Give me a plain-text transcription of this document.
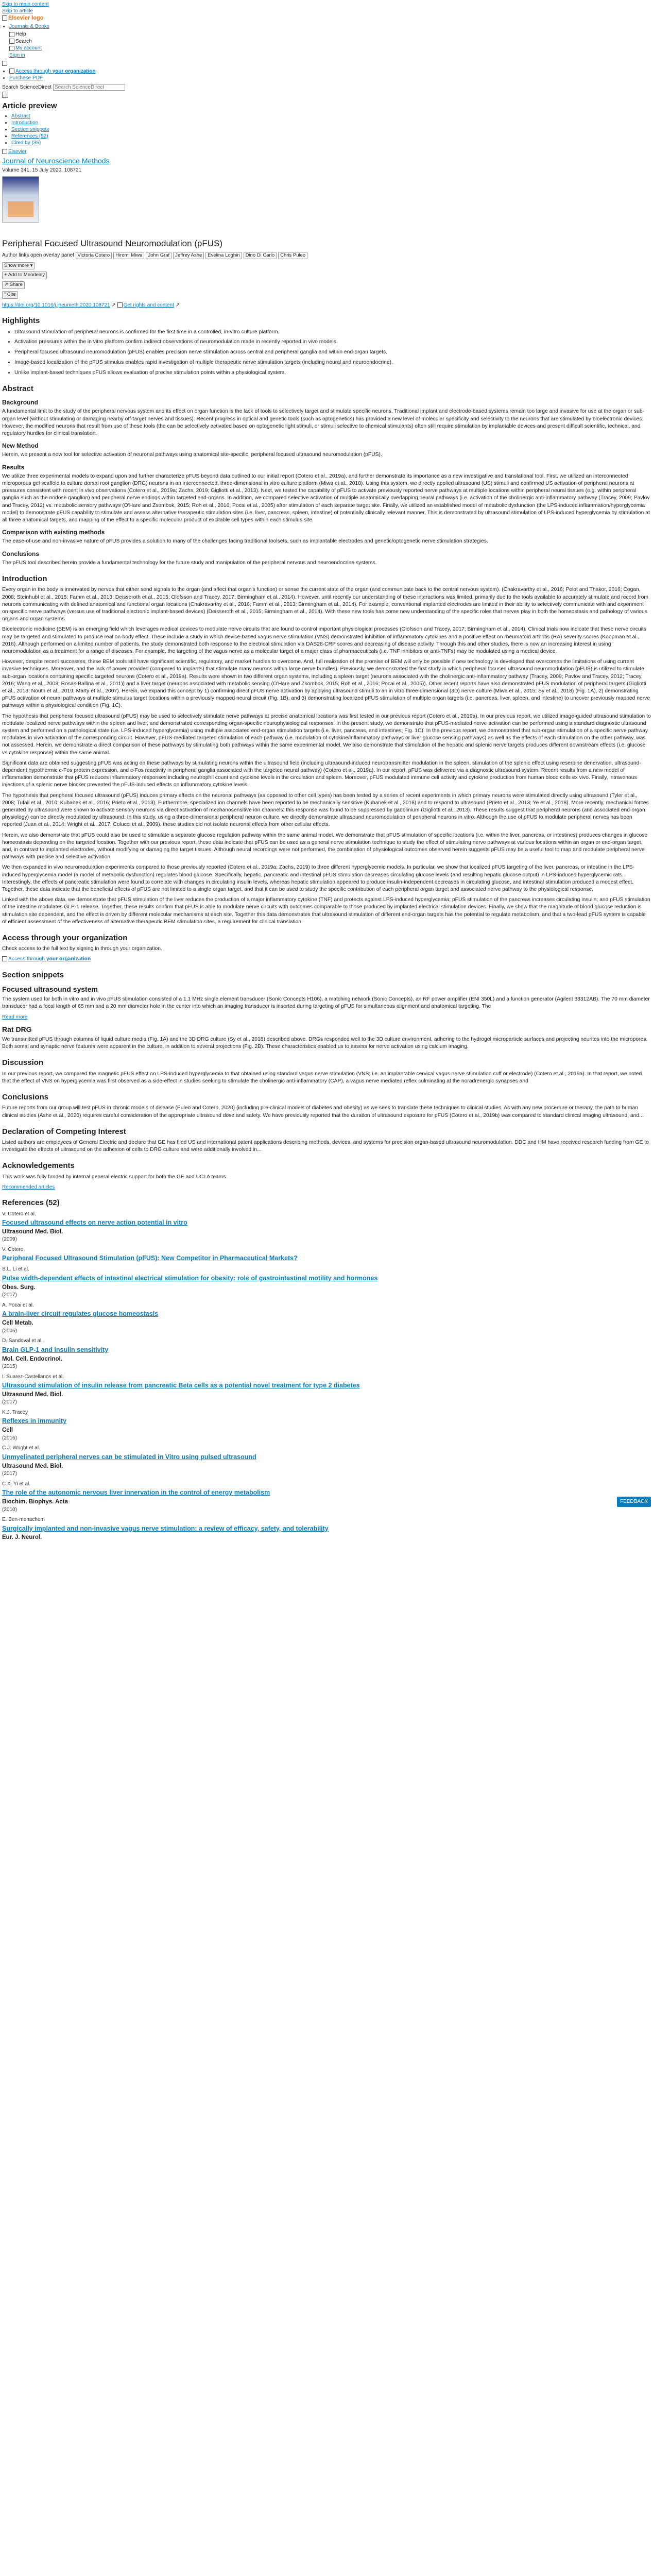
Skip to main content
Skip to article
Elsevier logo
• Journals & Books
Help
Search
My account
Sign in
• Access through your organization
• Purchase PDF
Search ScienceDirect Search ScienceDirect
Article preview
• Abstract
• Introduction
• Section snippets
• References (52)
• Cited by (35)
Elsevier
Journal of Neuroscience Methods
Volume 341, 15 July 2020, 108721
Peripheral Focused Ultrasound Neuromodulation (pFUS)
Author links open overlay panel Victoria Cotero	Hiromi Miwa	John Graf	Jeffrey Ashe	Evelina Loghin	Dino Di Carlo	Chris Puleo
Show more ▾
+ Add to Mendeley
↗ Share
“ Cite
https://doi.org/10.1016/j.jneumeth.2020.108721 ↗ Get rights and content ↗
Highlights
• Ultrasound stimulation of peripheral neurons is confirmed for the first time in a controlled, in-vitro culture platform.
• Activation pressures within the in vitro platform confirm indirect observations of neuromodulation made in recently reported in vivo models.
• Peripheral focused ultrasound neuromodulation (pFUS) enables precision nerve stimulation across central and peripheral ganglia and within end-organ targets.
• Image-based localization of the pFUS stimulus enables rapid investigation of multiple therapeutic nerve stimulation targets (including neural and neuroendocrine).
• Unlike implant-based techniques pFUS allows evaluation of precise stimulation points within a physiological system.
Abstract
Background

A fundamental limit to the study of the peripheral nervous system and its effect on organ function is the lack of tools to selectively target and stimulate specific neurons. Traditional implant and electrode-based systems remain too large and invasive for use at the organ or sub-organ level (without stimulating or damaging nearby off-target nerves and tissues). Recent progress in optical and genetic tools (such as optogenetics) has provided a new level of molecular specificity and selectivity to the neurons that are stimulated by bioelectronic devices. However, the modified neurons that result from use of these tools (the can be selectively activated based on optogenetic light stimuli, or stimuli selective to chemical stimulants) often still require stimulation by implantable devices and present difficult scientific, technical, and regulatory hurdles for clinical translation.

New Method

Herein, we present a new tool for selective activation of neuronal pathways using anatomical site-specific, peripheral focused ultrasound neuromodulation (pFUS).

Results

We utilize three experimental models to expand upon and further characterize pFUS beyond data outlined to our initial report (Cotero et al., 2019a), and further demonstrate its importance as a new investigative and translational tool. First, we utilized an interconnected microporous gel scaffold to culture dorsal root ganglion (DRG) neurons in an interconnected, three-dimensional in vitro culture platform (Miwa et al., 2018). Using this system, we directly applied ultrasound (US) stimuli and confirmed US activation of peripheral neurons at pressures consistent with recent in vivo observations (Cotero et al., 2019a; Zachs, 2019; Gigliotti et al., 2013). Next, we tested the capability of pFUS to activate previously reported nerve pathways at multiple locations within peripheral neural tissues (e.g. within peripheral ganglia such as the nodose ganglion) and peripheral nerve endings within targeted end-organs. In addition, we compared selective activation of multiple anatomically overlapping neural pathways (i.e. activation of the cholinergic anti-inflammatory pathway (Tracey, 2009; Pavlov and Tracey, 2012) vs. metabolic sensory pathways (O'Hare and Zsombok, 2015; Roh et al., 2016; Pocai et al., 2005) after stimulation of each separate target site. Finally, we utilized an established model of metabolic dysfunction (the LPS-induced inflammation/hyperglycemia model) to demonstrate pFUS capability to stimulate and assess alternative therapeutic stimulation sites (i.e. liver, pancreas, spleen, intestine) of potentially clinically relevant manner. This is demonstrated by ultrasound stimulation of LPS-induced hyperglycemia by stimulation at all three anatomical targets, and mapping of the effect to a specific molecular product of excitable cell types within each stimulus site.

Comparison with existing methods

The ease-of-use and non-invasive nature of pFUS provides a solution to many of the challenges facing traditional toolsets, such as implantable electrodes and genetic/optogenetic nerve stimulation strategies.

Conclusions

The pFUS tool described herein provide a fundamental technology for the future study and manipulation of the peripheral nervous and neuroendocrine systems.

Introduction

Every organ in the body is innervated by nerves that either send signals to the organ (and affect that organ's function) or sense the current state of the organ (and communicate back to the central nervous system). (Chakravarthy et al., 2016; Pelot and Thakor, 2016; Cogan, 2008; Steinhubl et al., 2015; Famm et al., 2013; Deisseroth et al., 2015; Olofsson and Tracey, 2017; Birmingham et al., 2014). However, until recently our understanding of these interactions was limited, primarily due to the tools available to accurately stimulate and record from neurons communicating with defined anatomical and functional organ locations (Chakravarthy et al., 2016; Famm et al., 2013; Birmingham et al., 2014). For example, conventional implanted electrodes are limited in their ability to selectively communicate with and experiment on specific nerve pathways (versus use of traditional electronic implant-based devices) (Deisseroth et al., 2015; Birmingham et al., 2014). With these new tools has come new understanding of the specific roles that nerves play in both the homeostasis and pathology of various organs and organ systems.

Bioelectronic medicine (BEM) is an emerging field which leverages medical devices to modulate nerve circuits that are found to control important physiological processes (Olofsson and Tracey, 2017; Birmingham et al., 2014). Clinical trials now indicate that these nerve circuits may be targeted and stimulated to produce real on-body effect. These include a study in which device-based vagus nerve stimulation (VNS) demonstrated inhibition of inflammatory cytokines and a positive effect on rheumatoid arthritis (RA) severity scores (Koopman et al., 2016). Although performed on a limited number of patients, the study demonstrated both response to the electrical stimulation via DAS28-CRP scores and decreasing of disease activity. Through this and other studies, there is now an increasing interest in using neuromodulation as a treatment for a range of diseases. For example, the targeting of the vagus nerve as a molecular target of a major class of pharmaceuticals (i.e. TNF inhibitors or anti-TNFs) may be modulated using a medical device.

However, despite recent successes, these BEM tools still have significant scientific, regulatory, and market hurdles to overcome. And, full realization of the promise of BEM will only be possible if new technology is developed that overcomes the limitations of using current invasive techniques. Moreover, and the lack of power provided (compared to implants) that stimulate many neurons within large nerve bundles). Previously, we demonstrated the first study in which peripheral focused ultrasound neuromodulation (pFUS) is utilized to stimulate sub-organ locations containing specific targeted neurons (Cotero et al., 2019a). Results were shown in two different organ systems, including a spleen target (neurons associated with the cholinergic anti-inflammatory pathway (Tracey, 2009; Pavlov and Tracey, 2012; Tracey, 2016; Wang et al., 2003; Rosas-Ballina et al., 2011)) and a liver target (neurons associated with metabolic sensing (O'Hare and Zsombok, 2015; Roh et al., 2016; Pocai et al., 2005)). Other recent reports have also demonstrated pFUS modulation of peripheral targets (Gigliotti et al., 2013; Nouth et al., 2019; Marty et al., 2007). Herein, we expand this concept by 1) confirming direct pFUS nerve activation by applying ultrasound stimuli to an in vitro three-dimensional (3D) nerve culture (Miwa et al., 2015; Sy et al., 2018) (Fig. 1A), 2) demonstrating pFUS activation of neural pathways at multiple stimulus target locations within a previously mapped neural circuit (Fig. 1B), and 3) demonstrating localized pFUS stimulation of multiple organ targets (i.e. pancreas, liver, spleen, and intestine) to uncover previously mapped nerve pathways within a physiological condition (Fig. 1C).

The hypothesis that peripheral focused ultrasound (pFUS) may be used to selectively stimulate nerve pathways at precise anatomical locations was first tested in our previous report (Cotero et al., 2019a). In our previous report, we utilized image-guided ultrasound stimulation to modulate localized nerve pathways within the spleen and liver, and demonstrated corresponding organ-specific neurophysiological responses. In the present study, we demonstrate that pFUS-mediated nerve activation can be performed using a standard diagnostic ultrasound system and performed on a pathological state (i.e. LPS-induced hyperglycemia) using multiple associated end-organ stimulation targets (i.e. liver, pancreas, and intestines; Fig. 1C). In the previous report, we demonstrated that sub-organ stimulation of a specific nerve pathway modulates in vivo activation of the corresponding circuit. However, pFUS-mediated targeted stimulation of each pathway (i.e. modulation of cytokine/inflammatory pathways or liver glucose sensing pathways) as well as the effects of each stimulation on the other pathway, was not assessed. Herein, we demonstrate a direct comparison of these pathways by stimulating both pathways within the same experimental model. We also demonstrate that stimulation of the hepatic and splenic nerve targets produces different downstream effects (i.e. glucose vs cytokine response) within the same animal.

Significant data are obtained suggesting pFUS was acting on these pathways by stimulating neurons within the ultrasound field (including ultrasound-induced neurotransmitter modulation in the spleen, stimulation of the splenic effect using reserpine denervation, ultrasound-dependent hypothermic c-Fos protein expression, and c-Fos reactivity in peripheral ganglia associated with the targeted neural pathway) (Cotero et al., 2019a). In our report, pFUS was delivered via a diagnostic ultrasound system. Recent results from a new model of inflammation demonstrate that pFUS reduces inflammatory responses including neutrophil count and cytokine levels in the circulation and spleen. Moreover, pFUS modulated immune cell activity and cytokine production from human blood cells ex vivo. Finally, intravenous injections of a splenic nerve blocker prevented the pFUS-induced effects on inflammatory cytokine levels.

The hypothesis that peripheral focused ultrasound (pFUS) induces primary effects on the neuronal pathways (as opposed to other cell types) has been tested by a series of recent experiments in which primary neurons were stimulated directly using ultrasound (Tyler et al., 2008; Tufail et al., 2010; Kubanek et al., 2016; Prieto et al., 2013). Furthermore, specialized ion channels have been reported to be mechanically sensitive (Kubanek et al., 2016) and to respond to ultrasound (Prieto et al., 2013; Ye et al., 2018). More recently, mechanical forces generated by ultrasound were shown to activate sensory neurons via direct activation of mechanosensitive ion channels; this response was found to be suppressed by gadolinium (Gigliotti et al., 2013). These results suggest that peripheral neurons (and associated end-organ physiology) can be directly modulated by ultrasound. In this study, using a three-dimensional peripheral neuron culture, we directly demonstrate ultrasound neuromodulation of peripheral neurons in vitro. Although the use of pFUS to modulate peripheral nerves has been reported (Juan et al., 2014; Wright et al., 2017; Colucci et al., 2009), these studies did not isolate neuronal effects from other cellular effects.

Herein, we also demonstrate that pFUS could also be used to stimulate a separate glucose regulation pathway within the same animal model. We demonstrate that pFUS stimulation of specific locations (i.e. within the liver, pancreas, or intestines) produces changes in glucose homeostasis depending on the targeted location. Together with our previous report, these data indicate that pFUS can be used as a general nerve stimulation technique to study the effect of stimulating nerve pathways at various locations within an organ or end-organ target, and, in contrast to implanted electrodes, without modifying or damaging the target tissues. Although neural recordings were not performed, the combination of physiological outcomes observed herein suggests pFUS may be a useful tool to map and modulate peripheral nerve pathways with precise and selective activation.

We then expanded in vivo neuromodulation experiments compared to those previously reported (Cotero et al., 2019a; Zachs, 2019) to three different hyperglycemic models. In particular, we show that localized pFUS targeting of the liver, pancreas, or intestine in the LPS-induced hyperglycemia model (a model of metabolic dysfunction) regulates blood glucose. Specifically, hepatic, pancreatic and intestinal pFUS stimulation decreases circulating glucose levels (and resulting hepatic glucose output) in LPS-induced hyperglycemic rats. Interestingly, the effects of pancreatic stimulation were found to correlate with changes in circulating insulin levels, whereas hepatic stimulation appeared to produce insulin-independent decreases in circulating glucose, and intestinal stimulation produced a modest effect. Together, these data indicate that the beneficial effects of pFUS are not limited to a single organ target, and that it can be used to study the specific contribution of each peripheral organ target and associated nerve pathway to the physiological response.

Linked with the above data, we demonstrate that pFUS stimulation of the liver reduces the production of a major inflammatory cytokine (TNF) and protects against LPS-induced hyperglycemia; pFUS stimulation of the pancreas increases circulating insulin; and pFUS stimulation of the intestine modulates GLP-1 release. Together, these results confirm that pFUS is able to modulate nerve circuits with outcomes comparable to those produced by implanted electrical stimulation devices. Finally, we show that the magnitude of blood glucose reduction is stimulation site dependent, and the effect is driven by different molecular mechanisms at each site. Together this data demonstrates that ultrasound stimulation of different end-organ targets has the potential to regulate metabolism, and that a two-lead pFUS system is capable of efficient assessment of the effectiveness of alternative therapeutic BEM stimulation sites, a requirement for clinical translation.

Access through your organization
Check access to the full text by signing in through your organization.
Access through your organization
Section snippets
Focused ultrasound system

The system used for both in vitro and in vivo pFUS stimulation consisted of a 1.1 MHz single element transducer (Sonic Concepts H106), a matching network (Sonic Concepts), an RF power amplifier (ENI 350L) and a function generator (Agilent 33312AB). The 70 mm diameter transducer had a focal length of 65 mm and a 20 mm diameter hole in the center into which an imaging transducer is inserted during targeting of pFUS for simultaneous alignment and anatomical targeting. The

Read more
Rat DRG

We transmitted pFUS through columns of liquid culture media (Fig. 1A) and the 3D DRG culture (Sy et al., 2018) described above. DRGs responded well to the 3D culture environment, adhering to the hydrogel microparticle surfaces and projecting neurites into the micropores. Both somal and synaptic nerve features were apparent in the culture, in addition to several projections (Fig. 2B). These characteristics enabled us to assess for nerve activation using calcium imaging.

Discussion

In our previous report, we compared the magnetic pFUS effect on LPS-induced hyperglycemia to that obtained using standard vagus nerve stimulation (VNS; i.e. an implantable cervical vagus nerve stimulation cuff or electrode) (Cotero et al., 2019a). In that report, we noted that the effect of VNS on hyperglycemia was first observed as a side-effect in studies seeking to stimulate the cholinergic anti-inflammatory (CAP), a vagus nerve mediated reflex culminating at the noradrenergic synapses and

Conclusions

Future reports from our group will test pFUS in chronic models of disease (Puleo and Cotero, 2020) (including pre-clinical models of diabetes and obesity) as we seek to translate these techniques to clinical studies. As with any new procedure or therapy, the path to human clinical studies (Ashe et al., 2020) requires careful consideration of the appropriate ultrasound dose and safety. We have previously reported that the duration of ultrasound exposure for pFUS (Cotero et al., 2019b) was compared to standard clinical imaging ultrasound, and...

Declaration of Competing Interest

Listed authors are employees of General Electric and declare that GE has filed US and international patent applications describing methods, devices, and systems for precision organ-based ultrasound neuromodulation. DDC and HM have received research funding from GE to investigate the effects of ultrasound on the adhesion of cells to DRG culture and were additionally involved in...

Acknowledgements

This work was fully funded by internal general electric support for both the GE and UCLA teams.

Recommended articles
References (52)
V. Cotero et al.
Focused ultrasound effects on nerve action potential in vitro
Ultrasound Med. Biol.
(2009)
V. Cotero
Peripheral Focused Ultrasound Stimulation (pFUS): New Competitor in Pharmaceutical Markets?
S.L. Li et al.
Pulse width-dependent effects of intestinal electrical stimulation for obesity: role of gastrointestinal motility and hormones
Obes. Surg.
(2017)
A. Pocai et al.
A brain-liver circuit regulates glucose homeostasis
Cell Metab.
(2005)
D. Sandoval et al.
Brain GLP-1 and insulin sensitivity
Mol. Cell. Endocrinol.
(2015)
I. Suarez-Castellanos et al.
Ultrasound stimulation of insulin release from pancreatic Beta cells as a potential novel treatment for type 2 diabetes
Ultrasound Med. Biol.
(2017)
K.J. Tracey
Reflexes in immunity
Cell
(2016)
C.J. Wright et al.
Unmyelinated peripheral nerves can be stimulated in Vitro using pulsed ultrasound
Ultrasound Med. Biol.
(2017)
C.X. Yi et al.
The role of the autonomic nervous liver innervation in the control of energy metabolism
Biochim. Biophys. Acta
(2010)
E. Ben-menachem
Surgically implanted and non-invasive vagus nerve stimulation: a review of efficacy, safety, and tolerability
Eur. J. Neurol.
FEEDBACK
